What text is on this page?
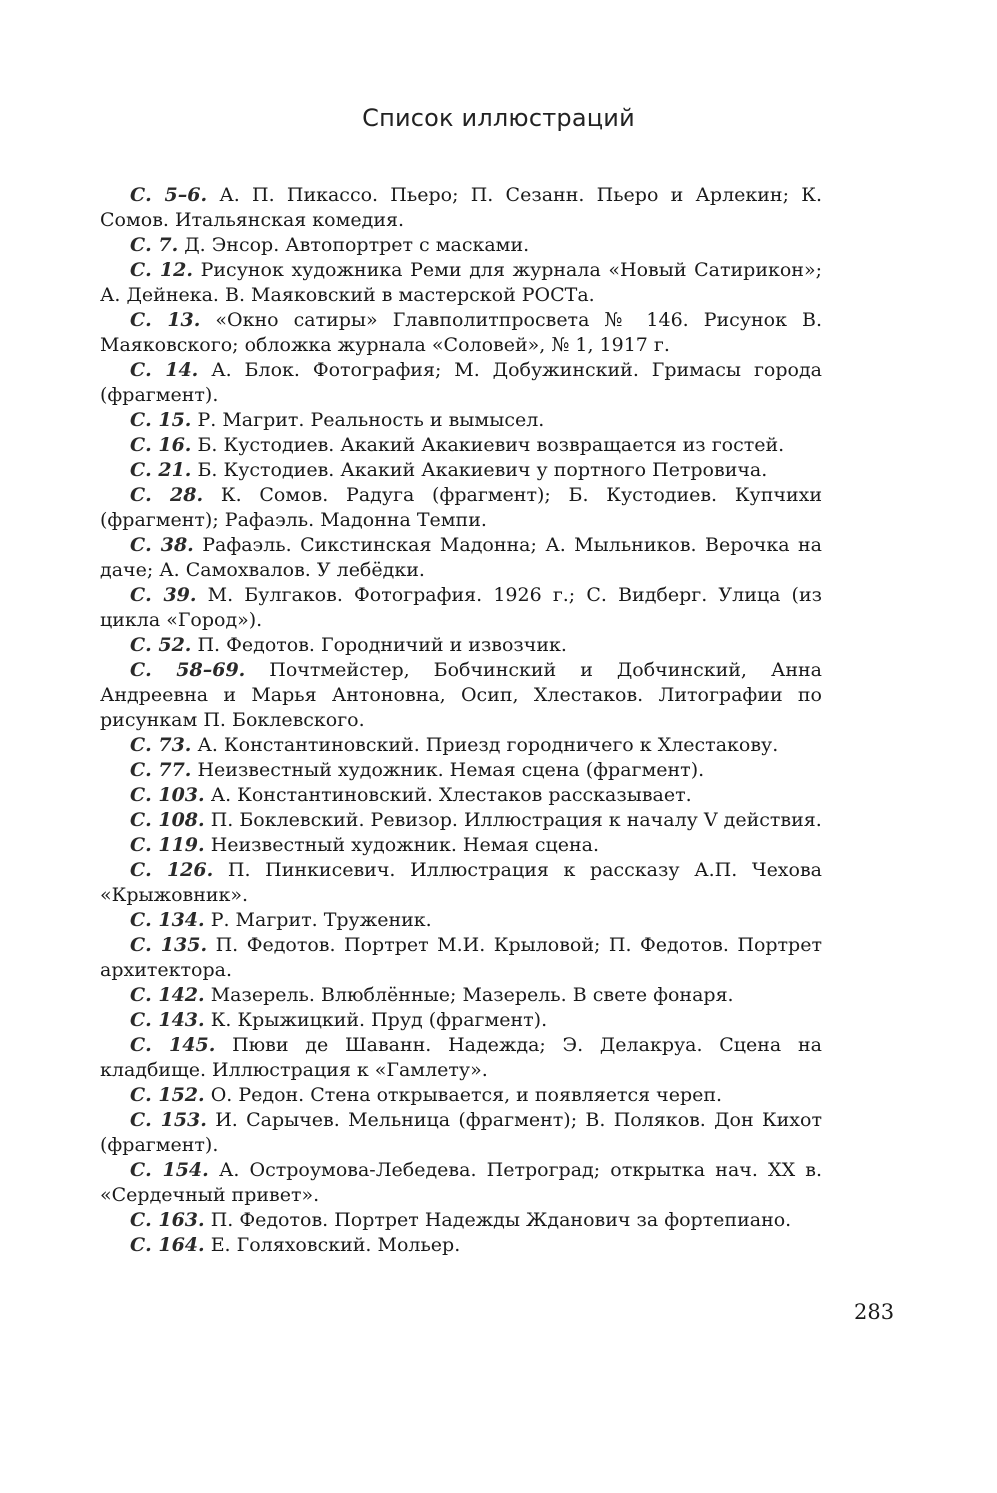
Список иллюстраций

С. 5–6. А. П. Пикассо. Пьеро; П. Сезанн. Пьеро и Арлекин; К. Сомов. Итальянская комедия.

С. 7. Д. Энсор. Автопортрет с масками.

С. 12. Рисунок художника Реми для журнала «Новый Сатирикон»; А. Дейнека. В. Маяковский в мастерской РОСТа.

С. 13. «Окно сатиры» Главполитпросвета № 146. Рисунок В. Маяковского; обложка журнала «Соловей», № 1, 1917 г.

С. 14. А. Блок. Фотография; М. Добужинский. Гримасы города (фрагмент).

С. 15. Р. Магрит. Реальность и вымысел.

С. 16. Б. Кустодиев. Акакий Акакиевич возвращается из гостей.

С. 21. Б. Кустодиев. Акакий Акакиевич у портного Петровича.

С. 28. К. Сомов. Радуга (фрагмент); Б. Кустодиев. Купчихи (фрагмент); Рафаэль. Мадонна Темпи.

С. 38. Рафаэль. Сикстинская Мадонна; А. Мыльников. Верочка на даче; А. Самохвалов. У лебёдки.

С. 39. М. Булгаков. Фотография. 1926 г.; С. Видберг. Улица (из цикла «Город»).

С. 52. П. Федотов. Городничий и извозчик.

С. 58–69. Почтмейстер, Бобчинский и Добчинский, Анна Андреевна и Марья Антоновна, Осип, Хлестаков. Литографии по рисункам П. Боклевского.

С. 73. А. Константиновский. Приезд городничего к Хлестакову.

С. 77. Неизвестный художник. Немая сцена (фрагмент).

С. 103. А. Константиновский. Хлестаков рассказывает.

С. 108. П. Боклевский. Ревизор. Иллюстрация к началу V действия.

С. 119. Неизвестный художник. Немая сцена.

С. 126. П. Пинкисевич. Иллюстрация к рассказу А.П. Чехова «Крыжовник».

С. 134. Р. Магрит. Труженик.

С. 135. П. Федотов. Портрет М.И. Крыловой; П. Федотов. Портрет архитектора.

С. 142. Мазерель. Влюблённые; Мазерель. В свете фонаря.

С. 143. К. Крыжицкий. Пруд (фрагмент).

С. 145. Пюви де Шаванн. Надежда; Э. Делакруа. Сцена на кладбище. Иллюстрация к «Гамлету».

С. 152. О. Редон. Стена открывается, и появляется череп.

С. 153. И. Сарычев. Мельница (фрагмент); В. Поляков. Дон Кихот (фрагмент).

С. 154. А. Остроумова-Лебедева. Петроград; открытка нач. XX в. «Сердечный привет».

С. 163. П. Федотов. Портрет Надежды Жданович за фортепиано.

С. 164. Е. Голяховский. Мольер.

283
